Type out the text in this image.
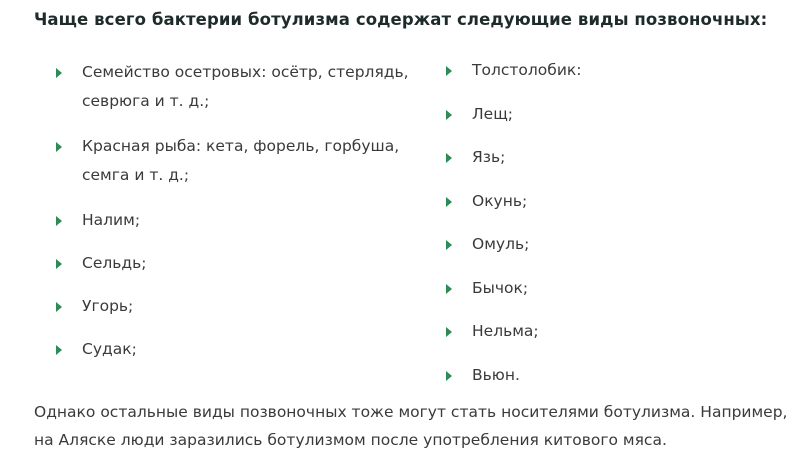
Чаще всего бактерии ботулизма содержат следующие виды позвоночных:
Семейство осетровых: осётр, стерлядь, севрюга и т. д.;
Красная рыба: кета, форель, горбуша, семга и т. д.;
Налим;
Сельдь;
Угорь;
Судак;
Толстолобик:
Лещ;
Язь;
Окунь;
Омуль;
Бычок;
Нельма;
Вьюн.

Однако остальные виды позвоночных тоже могут стать носителями ботулизма. Например, на Аляске люди заразились ботулизмом после употребления китового мяса.
